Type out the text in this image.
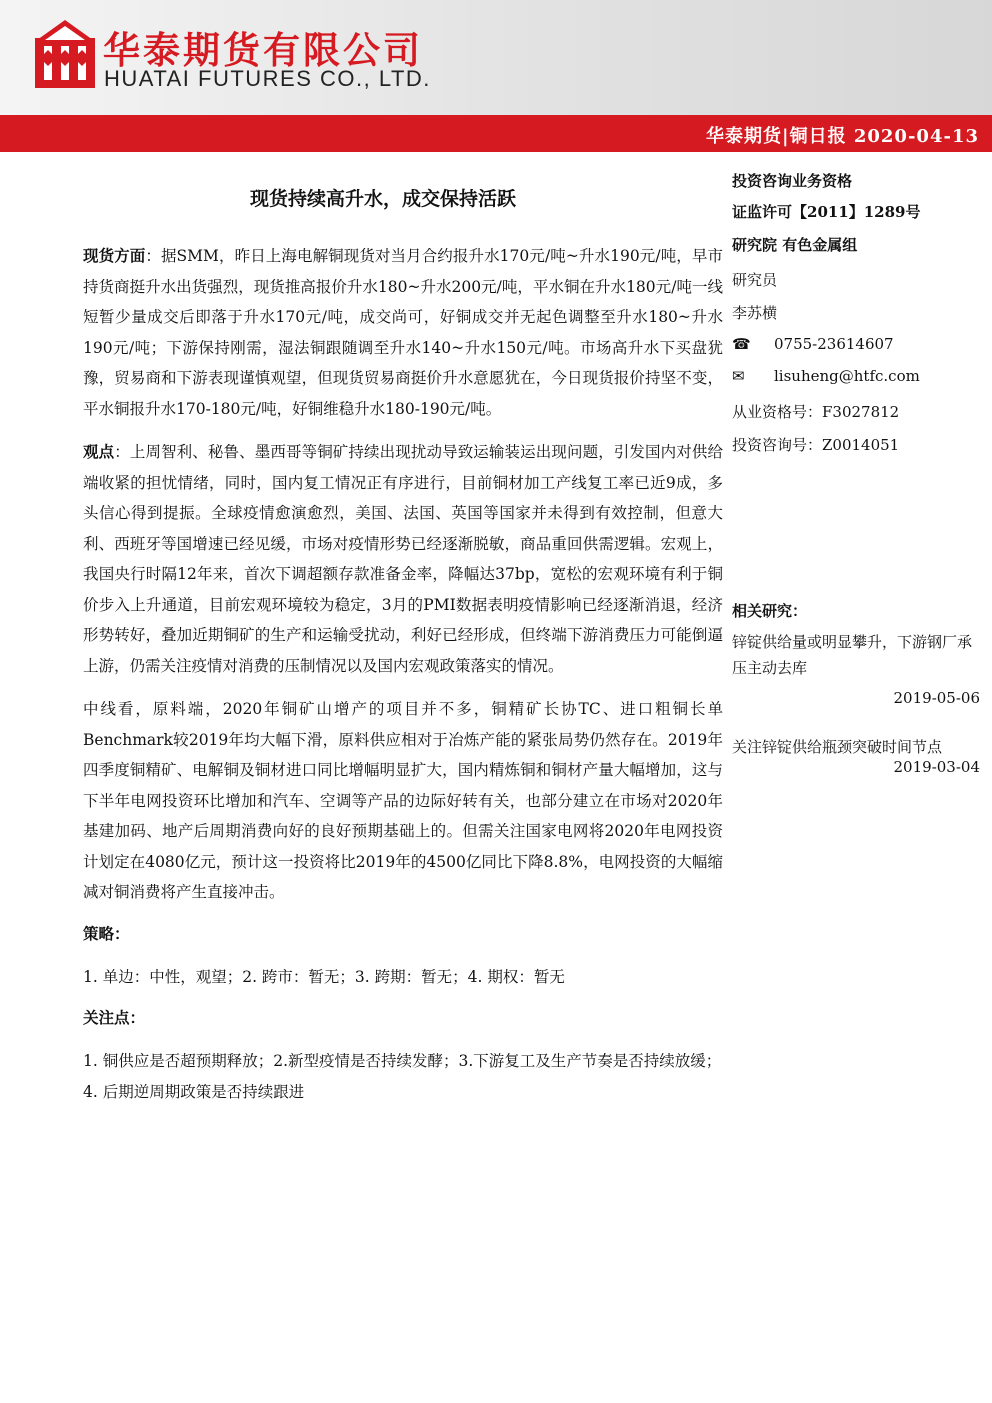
华泰期货有限公司
HUATAI FUTURES CO., LTD.
华泰期货|铜日报 2020-04-13
现货持续高升水，成交保持活跃

现货方面：据SMM，昨日上海电解铜现货对当月合约报升水170元/吨~升水190元/吨，早市持货商挺升水出货强烈，现货推高报价升水180~升水200元/吨，平水铜在升水180元/吨一线短暂少量成交后即落于升水170元/吨，成交尚可，好铜成交并无起色调整至升水180~升水190元/吨；下游保持刚需，湿法铜跟随调至升水140~升水150元/吨。市场高升水下买盘犹豫，贸易商和下游表现谨慎观望，但现货贸易商挺价升水意愿犹在，今日现货报价持坚不变，平水铜报升水170-180元/吨，好铜维稳升水180-190元/吨。

观点：上周智利、秘鲁、墨西哥等铜矿持续出现扰动导致运输装运出现问题，引发国内对供给端收紧的担忧情绪，同时，国内复工情况正有序进行，目前铜材加工产线复工率已近9成，多头信心得到提振。全球疫情愈演愈烈，美国、法国、英国等国家并未得到有效控制，但意大利、西班牙等国增速已经见缓，市场对疫情形势已经逐渐脱敏，商品重回供需逻辑。宏观上，我国央行时隔12年来，首次下调超额存款准备金率，降幅达37bp，宽松的宏观环境有利于铜价步入上升通道，目前宏观环境较为稳定，3月的PMI数据表明疫情影响已经逐渐消退，经济形势转好，叠加近期铜矿的生产和运输受扰动，利好已经形成，但终端下游消费压力可能倒逼上游，仍需关注疫情对消费的压制情况以及国内宏观政策落实的情况。

中线看，原料端，2020年铜矿山增产的项目并不多，铜精矿长协TC、进口粗铜长单Benchmark较2019年均大幅下滑，原料供应相对于冶炼产能的紧张局势仍然存在。2019年四季度铜精矿、电解铜及铜材进口同比增幅明显扩大，国内精炼铜和铜材产量大幅增加，这与下半年电网投资环比增加和汽车、空调等产品的边际好转有关，也部分建立在市场对2020年基建加码、地产后周期消费向好的良好预期基础上的。但需关注国家电网将2020年电网投资计划定在4080亿元，预计这一投资将比2019年的4500亿同比下降8.8%，电网投资的大幅缩减对铜消费将产生直接冲击。

策略：

1. 单边：中性，观望；2. 跨市：暂无；3. 跨期：暂无；4. 期权：暂无

关注点：

1. 铜供应是否超预期释放；2.新型疫情是否持续发酵；3.下游复工及生产节奏是否持续放缓；4. 后期逆周期政策是否持续跟进

投资咨询业务资格
证监许可【2011】1289号
研究院 有色金属组
研究员
李苏横
☎ 0755-23614607
✉ lisuheng@htfc.com
从业资格号：F3027812
投资咨询号：Z0014051
相关研究：
锌锭供给量或明显攀升，下游钢厂承压主动去库
2019-05-06
关注锌锭供给瓶颈突破时间节点
2019-03-04
